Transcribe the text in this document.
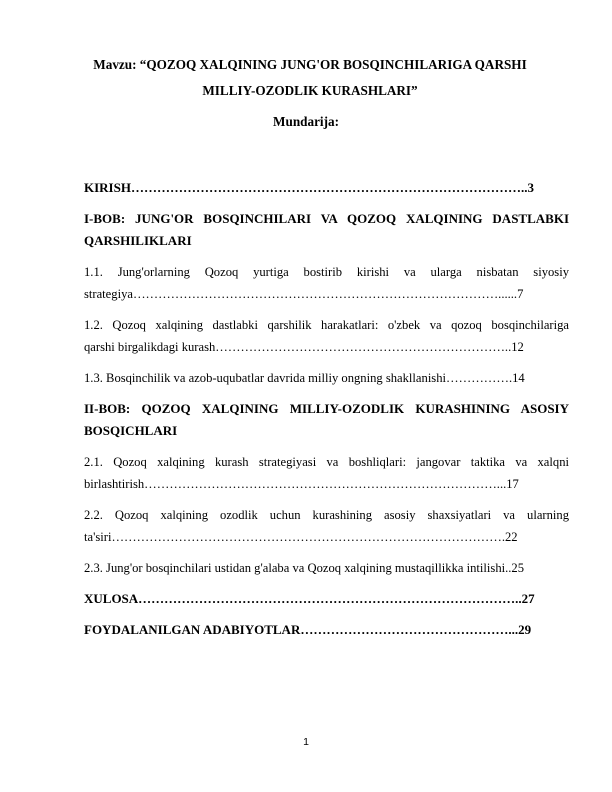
Mavzu: “QOZOQ XALQINING JUNG'OR BOSQINCHILARIGA QARSHI
MILLIY-OZODLIK KURASHLARI”
Mundarija:
KIRISH………………………………………………………………………………..3
I-BOB: JUNG'OR BOSQINCHILARI VA QOZOQ XALQINING DASTLABKI
QARSHILIKLARI
1.1. Jung'orlarning Qozoq yurtiga bostirib kirishi va ularga nisbatan siyosiy
strategiya……………………………………………………………………………......7
1.2. Qozoq xalqining dastlabki qarshilik harakatlari: o'zbek va qozoq bosqinchilariga
qarshi birgalikdagi kurash……………………………………………………………..12
1.3. Bosqinchilik va azob-uqubatlar davrida milliy ongning shakllanishi…………….14
II-BOB: QOZOQ XALQINING MILLIY-OZODLIK KURASHINING ASOSIY
BOSQICHLARI
2.1. Qozoq xalqining kurash strategiyasi va boshliqlari: jangovar taktika va xalqni
birlashtirish…………………………………………………………………………...17
2.2. Qozoq xalqining ozodlik uchun kurashining asosiy shaxsiyatlari va ularning
ta'siri………………………………………………………………………………….22
2.3. Jung'or bosqinchilari ustidan g'alaba va Qozoq xalqining mustaqillikka intilishi..25
XULOSA……………………………………………………………………………..27
FOYDALANILGAN ADABIYOTLAR…………………………………………...29
1
